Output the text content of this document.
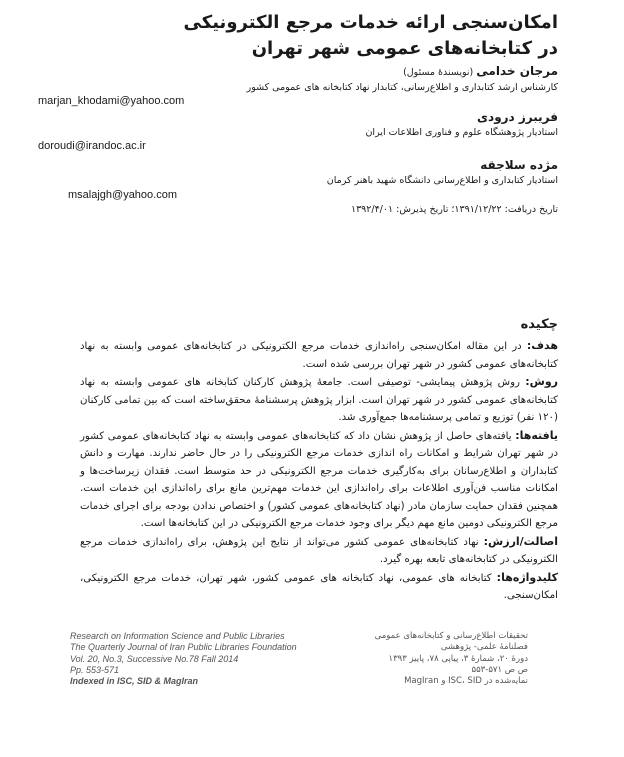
امکان‌سنجی ارائه خدمات مرجع الکترونیکی
در کتابخانه‌های عمومی شهر تهران
مرجان خدامی (نویسندهٔ مسئول)
کارشناس ارشد کتابداری و اطلاع‌رسانی، کتابدار نهاد کتابخانه های عمومی کشور
marjan_khodami@yahoo.com
فریبرز درودی
استادیار پژوهشگاه علوم و فناوری اطلاعات ایران
doroudi@irandoc.ac.ir
مژده سلاجقه
استادیار کتابداری و اطلاع‌رسانی دانشگاه شهید باهنر کرمان
msalajgh@yahoo.com
تاریخ دریافت: ۱۳۹۱/۱۲/۲۲؛ تاریخ پذیرش: ۱۳۹۲/۴/۰۱
چکیده

هدف: در این مقاله امکان‌سنجی راه‌اندازی خدمات مرجع الکترونیکی در کتابخانه‌های عمومی وابسته به نهاد کتابخانه‌های عمومی کشور در شهر تهران بررسی شده است.

روش: روش پژوهش پیمایشی- توصیفی است. جامعهٔ پژوهش کارکنان کتابخانه های عمومی وابسته به نهاد کتابخانه‌های عمومی کشور در شهر تهران است. ابزار پژوهش پرسشنامهٔ محقق‌ساخته است که بین تمامی کارکنان (۱۲۰ نفر) توزیع و تمامی پرسشنامه‌ها جمع‌آوری شد.

یافته‌ها: یافته‌های حاصل از پژوهش نشان داد که کتابخانه‌های عمومی وابسته به نهاد کتابخانه‌های عمومی کشور در شهر تهران شرایط و امکانات راه اندازی خدمات مرجع الکترونیکی را در حال حاضر ندارند. مهارت و دانش کتابداران و اطلاع‌رسانان برای به‌کارگیری خدمات مرجع الکترونیکی در حد متوسط است. فقدان زیرساخت‌ها و امکانات مناسب فن‌آوری اطلاعات برای راه‌اندازی این خدمات مهم‌ترین مانع برای راه‌اندازی این خدمات است. همچنین فقدان حمایت سازمان مادر (نهاد کتابخانه‌های عمومی کشور) و اختصاص ندادن بودجه برای اجرای خدمات مرجع الکترونیکی دومین مانع مهم دیگر برای وجود خدمات مرجع الکترونیکی در این کتابخانه‌ها است.

اصالت/ارزش: نهاد کتابخانه‌های عمومی کشور می‌تواند از نتایج این پژوهش، برای راه‌اندازی خدمات مرجع الکترونیکی در کتابخانه‌های تابعه بهره گیرد.

کلیدواژه‌ها: کتابخانه های عمومی، نهاد کتابخانه های عمومی کشور، شهر تهران، خدمات مرجع الکترونیکی، امکان‌سنجی.

Research on Information Science and Public Libraries
The Quarterly Journal of Iran Public Libraries Foundation
Vol. 20, No.3, Successive No.78 Fall 2014
Pp. 553-571
Indexed in ISC, SID & MagIran
تحقیقات اطلاع‌رسانی و کتابخانه‌های عمومی
فصلنامهٔ علمی- پژوهشی
دورهٔ ۲۰، شمارهٔ ۳، پیاپی ۷۸، پاییز ۱۳۹۳
ص ص ۵۷۱-۵۵۳
نمایه‌شده در ISC، SID و MagIran
